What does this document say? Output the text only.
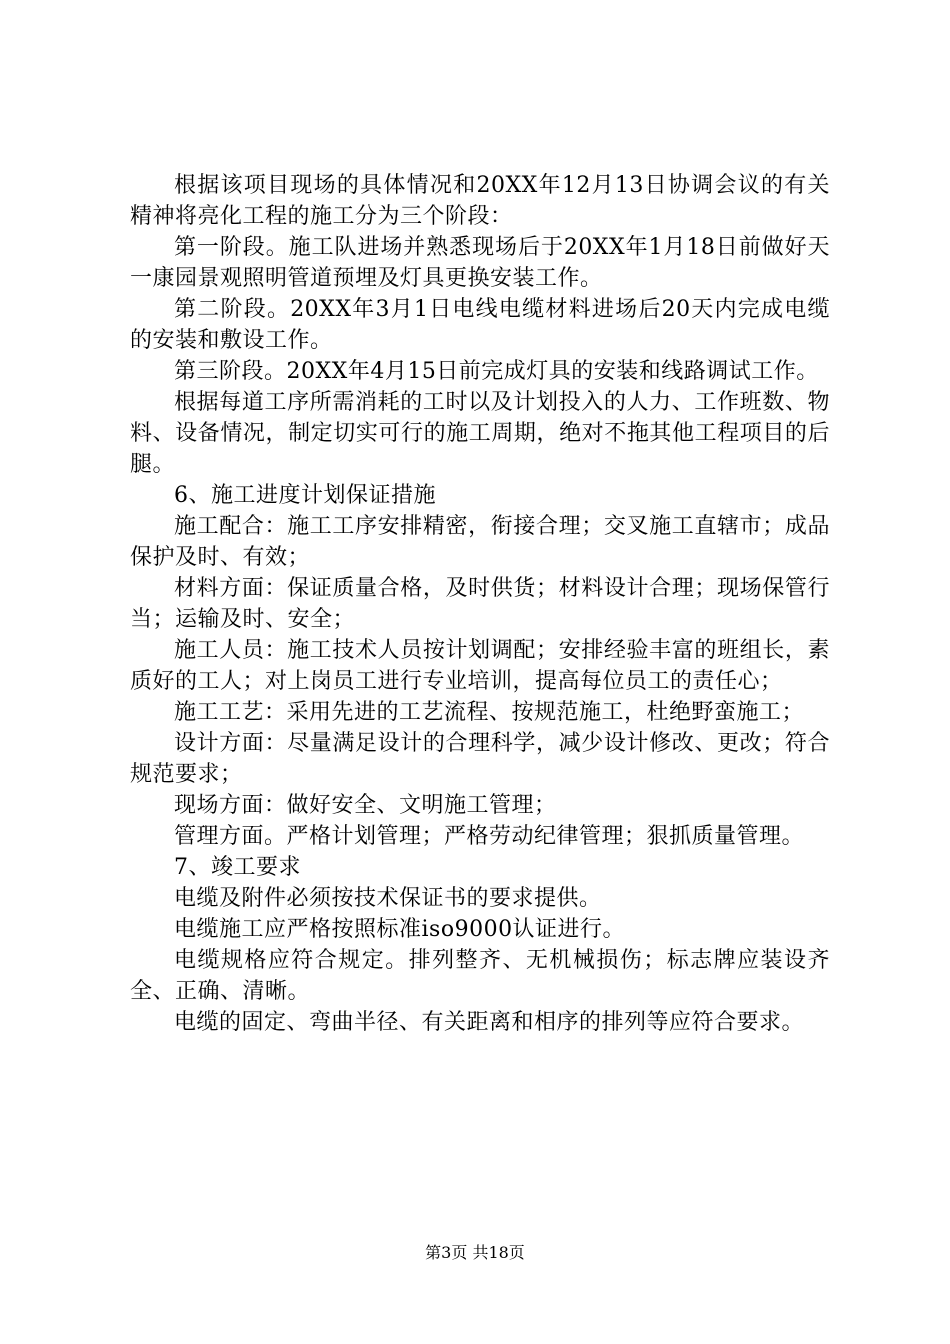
根据该项目现场的具体情况和20XX年12月13日协调会议的有关精神将亮化工程的施工分为三个阶段：

第一阶段。施工队进场并熟悉现场后于20XX年1月18日前做好天一康园景观照明管道预埋及灯具更换安装工作。

第二阶段。20XX年3月1日电线电缆材料进场后20天内完成电缆的安装和敷设工作。

第三阶段。20XX年4月15日前完成灯具的安装和线路调试工作。

根据每道工序所需消耗的工时以及计划投入的人力、工作班数、物料、设备情况，制定切实可行的施工周期，绝对不拖其他工程项目的后腿。

6、施工进度计划保证措施

施工配合：施工工序安排精密，衔接合理；交叉施工直辖市；成品保护及时、有效；

材料方面：保证质量合格，及时供货；材料设计合理；现场保管行当；运输及时、安全；

施工人员：施工技术人员按计划调配；安排经验丰富的班组长，素质好的工人；对上岗员工进行专业培训，提高每位员工的责任心；

施工工艺：采用先进的工艺流程、按规范施工，杜绝野蛮施工；

设计方面：尽量满足设计的合理科学，减少设计修改、更改；符合规范要求；

现场方面：做好安全、文明施工管理；

管理方面。严格计划管理；严格劳动纪律管理；狠抓质量管理。

7、竣工要求

电缆及附件必须按技术保证书的要求提供。

电缆施工应严格按照标准iso9000认证进行。

电缆规格应符合规定。排列整齐、无机械损伤；标志牌应装设齐全、正确、清晰。

电缆的固定、弯曲半径、有关距离和相序的排列等应符合要求。

第3页 共18页
